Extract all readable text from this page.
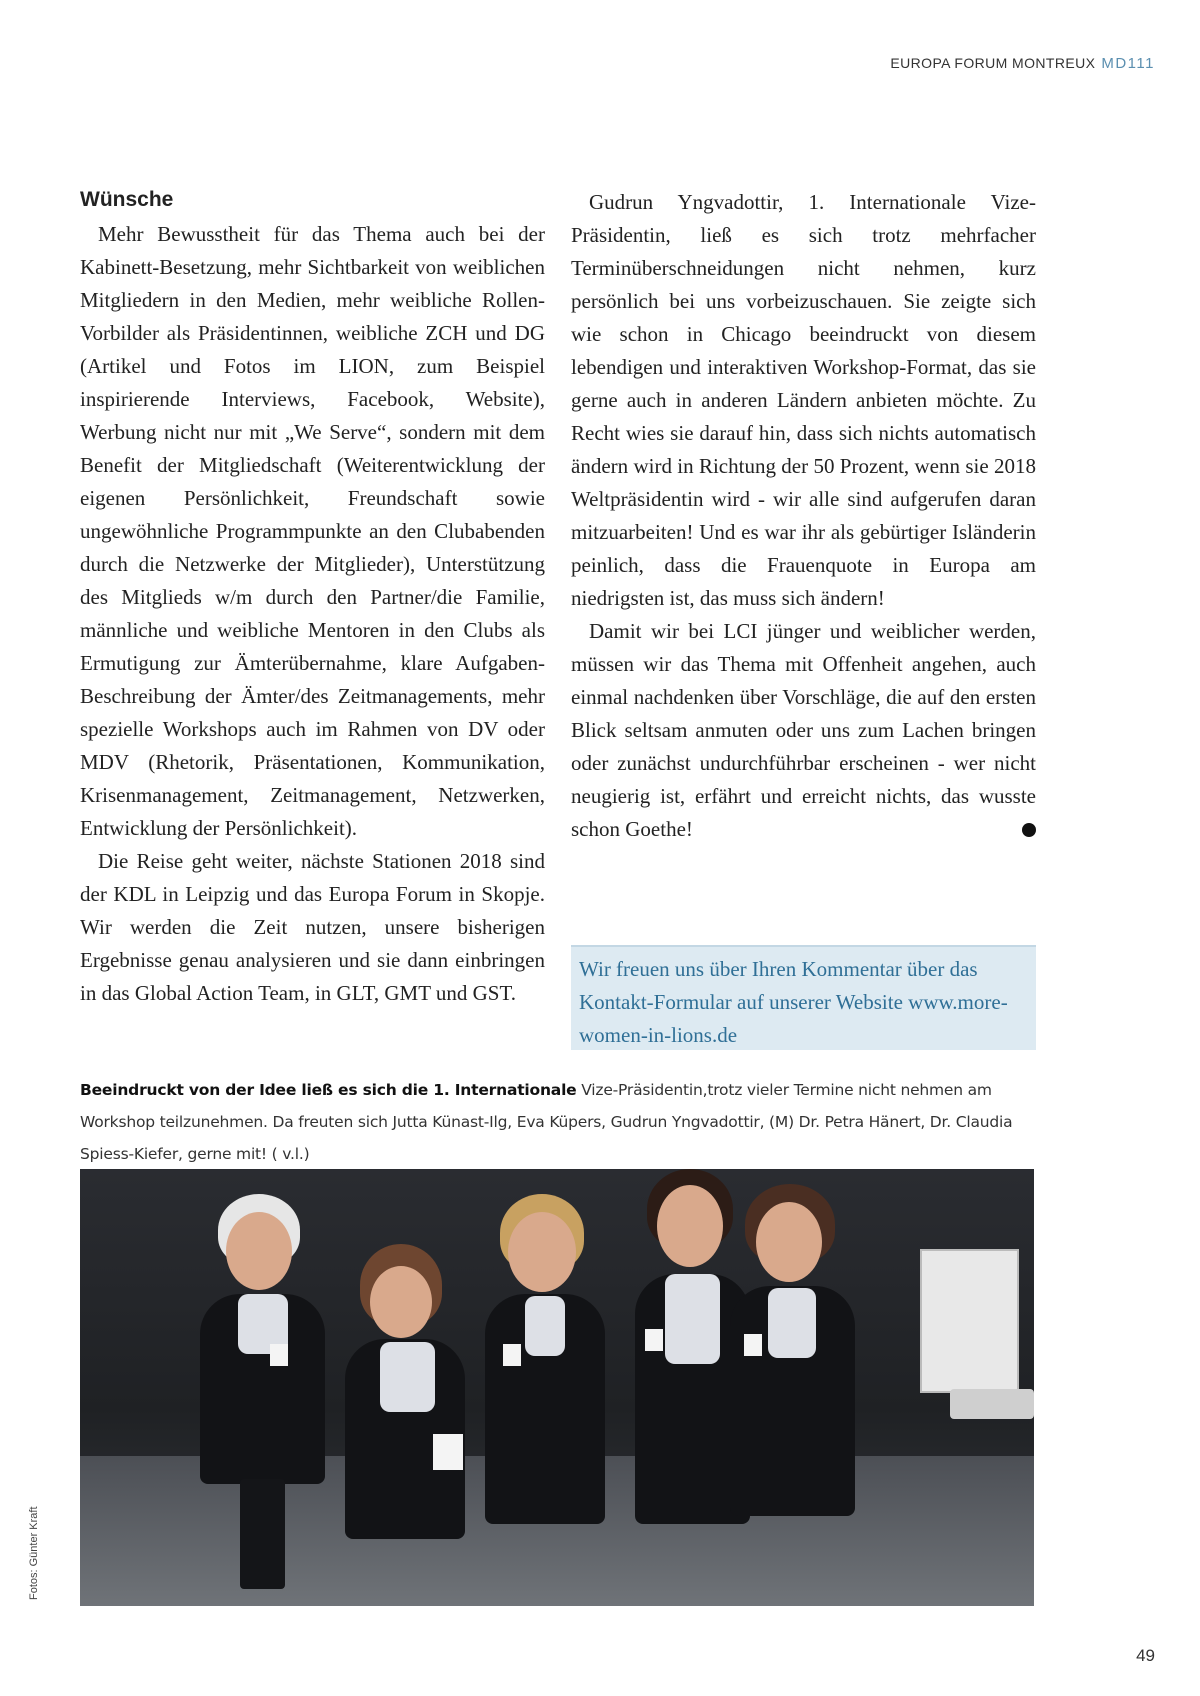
EUROPA FORUM MONTREUX MD111
Wünsche

Mehr Bewusstheit für das Thema auch bei der Kabinett-Besetzung, mehr Sichtbarkeit von weiblichen Mitgliedern in den Medien, mehr weibliche Rollen-Vorbilder als Präsidentinnen, weibliche ZCH und DG (Artikel und Fotos im LION, zum Beispiel inspirierende Interviews, Facebook, Website), Werbung nicht nur mit „We Serve“, sondern mit dem Benefit der Mitgliedschaft (Weiterentwicklung der eigenen Persönlichkeit, Freundschaft sowie ungewöhnliche Programmpunkte an den Clubabenden durch die Netzwerke der Mitglieder), Unterstützung des Mitglieds w/m durch den Partner/die Familie, männliche und weibliche Mentoren in den Clubs als Ermutigung zur Ämterübernahme, klare Aufgaben-Beschreibung der Ämter/des Zeitmanagements, mehr spezielle Workshops auch im Rahmen von DV oder MDV (Rhetorik, Präsentationen, Kommunikation, Krisenmanagement, Zeitmanagement, Netzwerken, Entwicklung der Persönlichkeit).

Die Reise geht weiter, nächste Stationen 2018 sind der KDL in Leipzig und das Europa Forum in Skopje. Wir werden die Zeit nutzen, unsere bisherigen Ergebnisse genau analysieren und sie dann einbringen in das Global Action Team, in GLT, GMT und GST.

Gudrun Yngvadottir, 1. Internationale Vize-Präsidentin, ließ es sich trotz mehrfacher Terminüberschneidungen nicht nehmen, kurz persönlich bei uns vorbeizuschauen. Sie zeigte sich wie schon in Chicago beeindruckt von diesem lebendigen und interaktiven Workshop-Format, das sie gerne auch in anderen Ländern anbieten möchte. Zu Recht wies sie darauf hin, dass sich nichts automatisch ändern wird in Richtung der 50 Prozent, wenn sie 2018 Weltpräsidentin wird - wir alle sind aufgerufen daran mitzuarbeiten! Und es war ihr als gebürtiger Isländerin peinlich, dass die Frauenquote in Europa am niedrigsten ist, das muss sich ändern!

Damit wir bei LCI jünger und weiblicher werden, müssen wir das Thema mit Offenheit angehen, auch einmal nachdenken über Vorschläge, die auf den ersten Blick seltsam anmuten oder uns zum Lachen bringen oder zunächst undurchführbar erscheinen - wer nicht neugierig ist, erfährt und erreicht nichts, das wusste schon Goethe!	L

Wir freuen uns über Ihren Kommentar über das Kontakt-Formular auf unserer Website www.more-women-in-lions.de
Beeindruckt von der Idee ließ es sich die 1. Internationale Vize-Präsidentin,trotz vieler Termine nicht nehmen am Workshop teilzunehmen. Da freuten sich Jutta Künast-Ilg, Eva Küpers, Gudrun Yngvadottir, (M) Dr. Petra Hänert, Dr. Claudia Spiess-Kiefer, gerne mit! ( v.l.)
Fotos: Günter Kraft
49
